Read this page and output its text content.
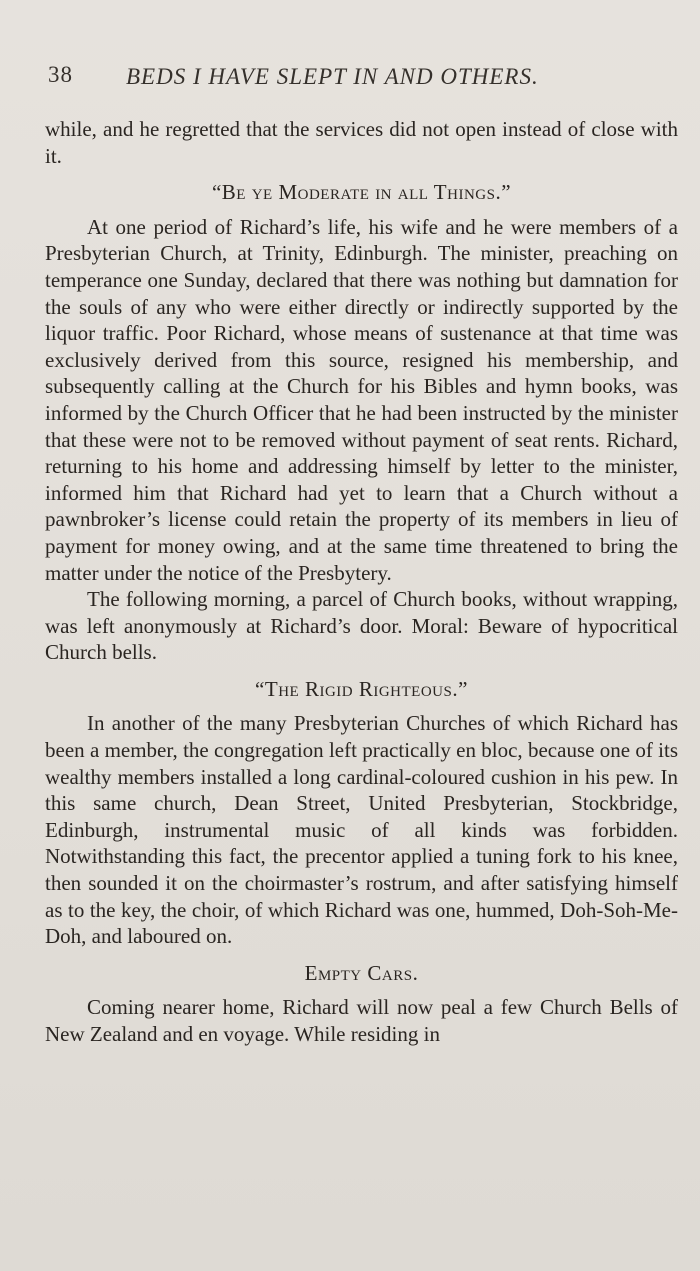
38 BEDS I HAVE SLEPT IN AND OTHERS.

while, and he regretted that the services did not open instead of close with it.

“Be ye Moderate in all Things.”

At one period of Richard’s life, his wife and he were members of a Presbyterian Church, at Trinity, Edinburgh. The minister, preaching on temperance one Sunday, declared that there was nothing but damnation for the souls of any who were either directly or indirectly supported by the liquor traffic. Poor Richard, whose means of sustenance at that time was exclusively derived from this source, resigned his membership, and subsequently calling at the Church for his Bibles and hymn books, was informed by the Church Officer that he had been instructed by the minister that these were not to be removed without payment of seat rents. Richard, returning to his home and addressing himself by letter to the minister, informed him that Richard had yet to learn that a Church without a pawnbroker’s license could retain the property of its members in lieu of payment for money owing, and at the same time threatened to bring the matter under the notice of the Presbytery.

The following morning, a parcel of Church books, without wrapping, was left anonymously at Richard’s door. Moral: Beware of hypocritical Church bells.

“The Rigid Righteous.”

In another of the many Presbyterian Churches of which Richard has been a member, the congregation left practically en bloc, because one of its wealthy members installed a long cardinal-coloured cushion in his pew. In this same church, Dean Street, United Presbyterian, Stockbridge, Edinburgh, instrumental music of all kinds was forbidden. Notwithstanding this fact, the precentor applied a tuning fork to his knee, then sounded it on the choirmaster’s rostrum, and after satisfying himself as to the key, the choir, of which Richard was one, hummed, Doh-Soh-Me-Doh, and laboured on.

Empty Cars.

Coming nearer home, Richard will now peal a few Church Bells of New Zealand and en voyage. While residing in
